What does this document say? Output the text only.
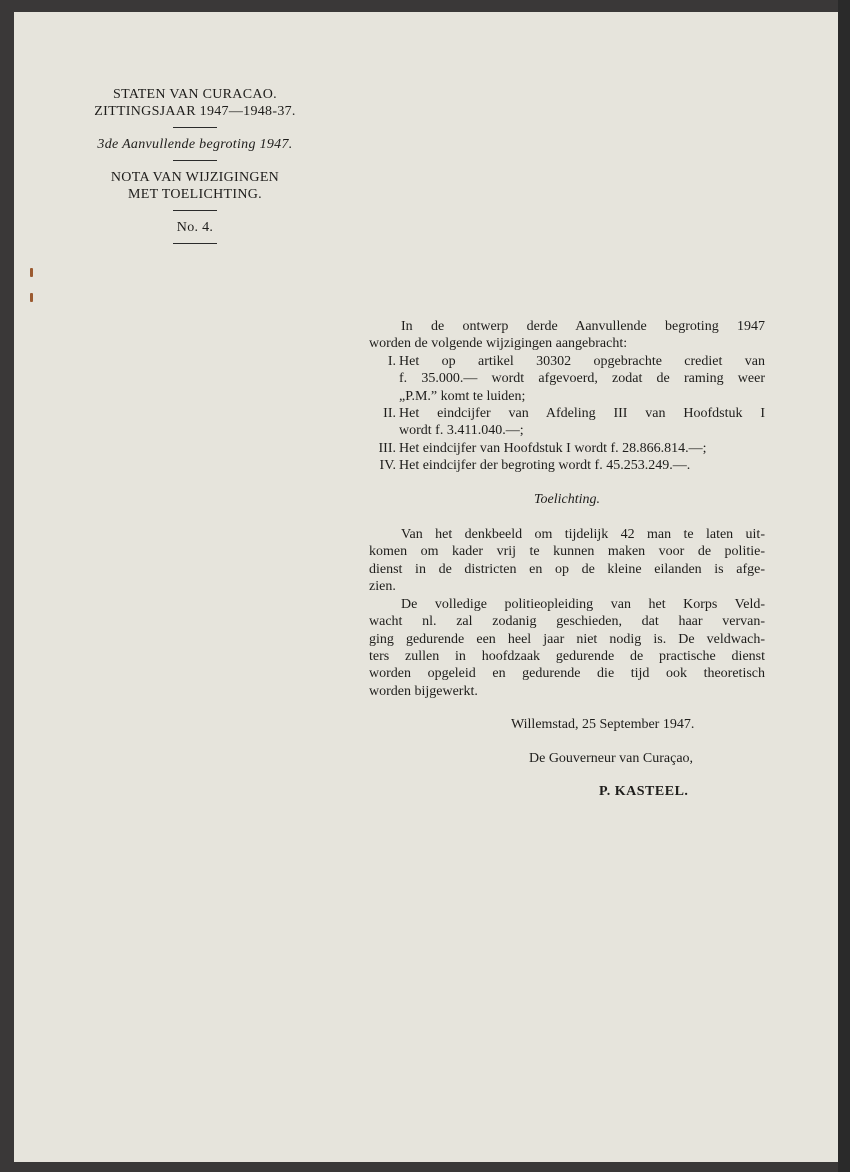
STATEN VAN CURACAO.
ZITTINGSJAAR 1947—1948-37.
3de Aanvullende begroting 1947.
NOTA VAN WIJZIGINGEN
MET TOELICHTING.
No. 4.
In de ontwerp derde Aanvullende begroting 1947
worden de volgende wijzigingen aangebracht:
I. Het op artikel 30302 opgebrachte crediet van
f. 35.000.— wordt afgevoerd, zodat de raming weer
„P.M.” komt te luiden;
II. Het eindcijfer van Afdeling III van Hoofdstuk I
wordt f. 3.411.040.—;
III. Het eindcijfer van Hoofdstuk I wordt f. 28.866.814.—;
IV. Het eindcijfer der begroting wordt f. 45.253.249.—.
Toelichting.
Van het denkbeeld om tijdelijk 42 man te laten uit-
komen om kader vrij te kunnen maken voor de politie-
dienst in de districten en op de kleine eilanden is afge-
zien.
De volledige politieopleiding van het Korps Veld-
wacht nl. zal zodanig geschieden, dat haar vervan-
ging gedurende een heel jaar niet nodig is. De veldwach-
ters zullen in hoofdzaak gedurende de practische dienst
worden opgeleid en gedurende die tijd ook theoretisch
worden bijgewerkt.
Willemstad, 25 September 1947.
De Gouverneur van Curaçao,
P. KASTEEL.
